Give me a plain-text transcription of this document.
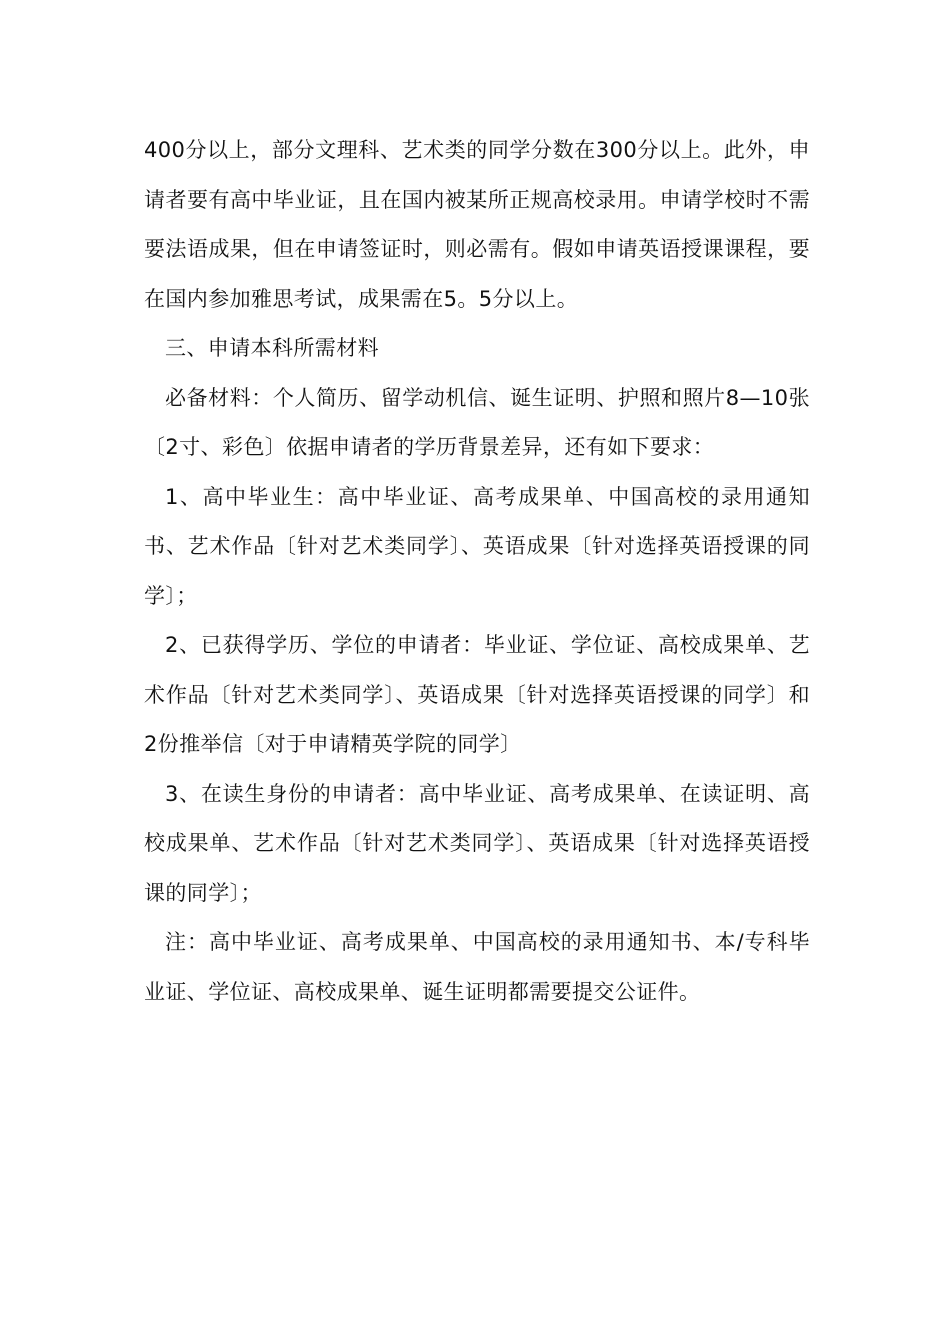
400分以上，部分文理科、艺术类的同学分数在300分以上。此外，申请者要有高中毕业证，且在国内被某所正规高校录用。申请学校时不需要法语成果，但在申请签证时，则必需有。假如申请英语授课课程，要在国内参加雅思考试，成果需在5。5分以上。

三、申请本科所需材料

必备材料：个人简历、留学动机信、诞生证明、护照和照片8—10张〔2寸、彩色〕依据申请者的学历背景差异，还有如下要求：

1、高中毕业生：高中毕业证、高考成果单、中国高校的录用通知书、艺术作品〔针对艺术类同学〕、英语成果〔针对选择英语授课的同学〕；

2、已获得学历、学位的申请者：毕业证、学位证、高校成果单、艺术作品〔针对艺术类同学〕、英语成果〔针对选择英语授课的同学〕和2份推举信〔对于申请精英学院的同学〕

3、在读生身份的申请者：高中毕业证、高考成果单、在读证明、高校成果单、艺术作品〔针对艺术类同学〕、英语成果〔针对选择英语授课的同学〕；

注：高中毕业证、高考成果单、中国高校的录用通知书、本/专科毕业证、学位证、高校成果单、诞生证明都需要提交公证件。
